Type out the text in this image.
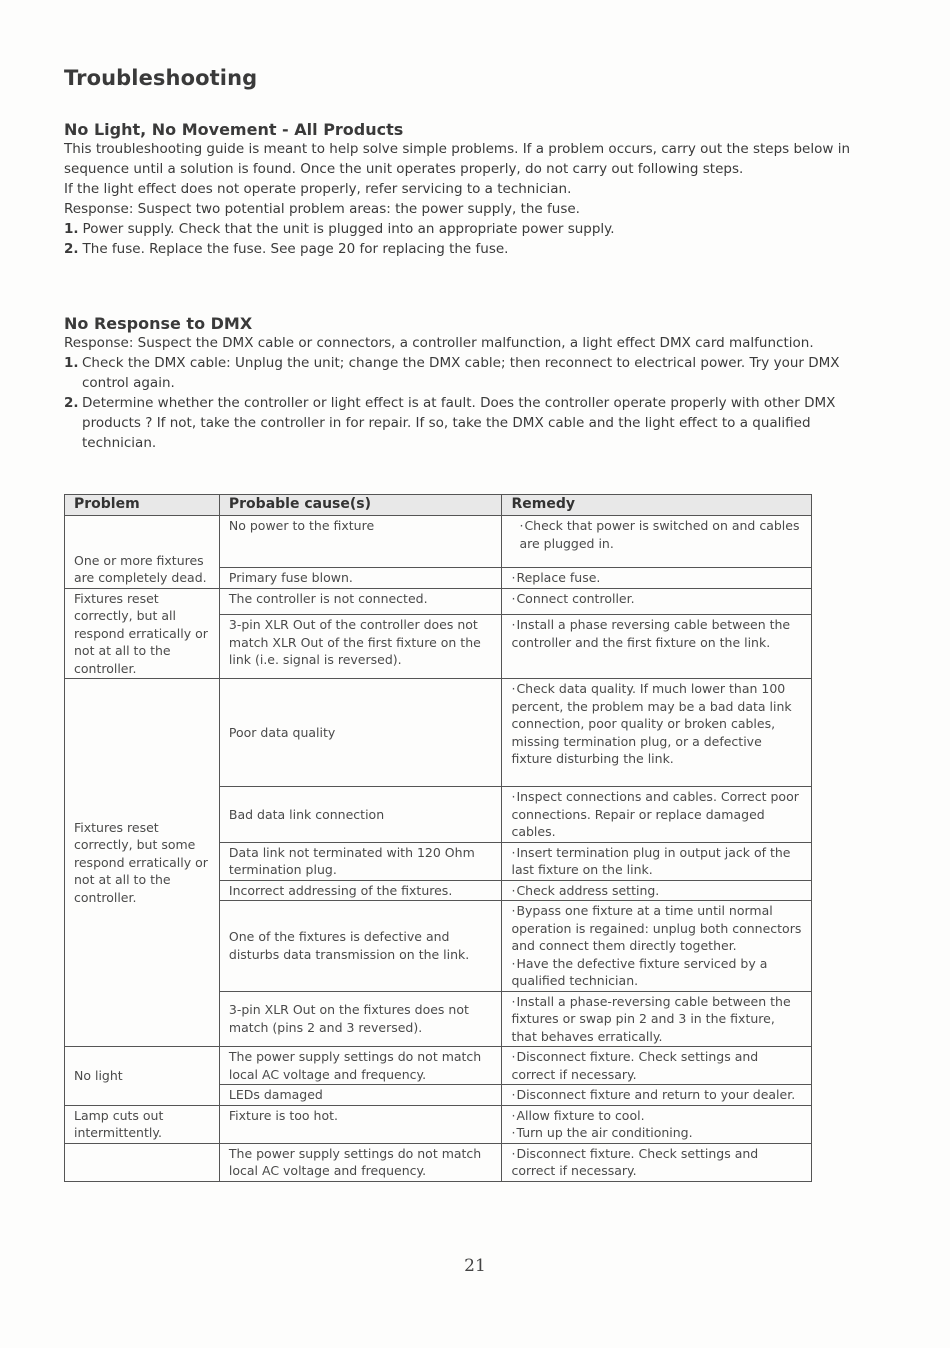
Troubleshooting
No Light, No Movement - All Products

This troubleshooting guide is meant to help solve simple problems. If a problem occurs, carry out the steps below in sequence until a solution is found. Once the unit operates properly, do not carry out following steps.

If the light effect does not operate properly, refer servicing to a technician.

Response: Suspect two potential problem areas: the power supply, the fuse.

1. Power supply. Check that the unit is plugged into an appropriate power supply.

2. The fuse. Replace the fuse. See page 20 for replacing the fuse.

No Response to DMX

Response: Suspect the DMX cable or connectors, a controller malfunction, a light effect DMX card malfunction.

1. Check the DMX cable: Unplug the unit; change the DMX cable; then reconnect to electrical power. Try your DMX control again.

2. Determine whether the controller or light effect is at fault. Does the controller operate properly with other DMX products ? If not, take the controller in for repair. If so, take the DMX cable and the light effect to a qualified technician.

Problem	Probable cause(s)	Remedy
One or more fixtures are completely dead.	No power to the fixture	· Check that power is switched on and cables are plugged in.

	Primary fuse blown.	· Replace fuse.

Fixtures reset correctly, but all respond erratically or not at all to the controller.	The controller is not connected.	· Connect controller.

	3-pin XLR Out of the controller does not match XLR Out of the first fixture on the link (i.e. signal is reversed).	· Install a phase reversing cable between the controller and the first fixture on the link.

Fixtures reset correctly, but some respond erratically or not at all to the controller.	Poor data quality	· Check data quality. If much lower than 100 percent, the problem may be a bad data link connection, poor quality or broken cables, missing termination plug, or a defective fixture disturbing the link.

	Bad data link connection	· Inspect connections and cables. Correct poor connections. Repair or replace damaged cables.

	Data link not terminated with 120 Ohm termination plug.	· Insert termination plug in output jack of the last fixture on the link.

	Incorrect addressing of the fixtures.	· Check address setting.

	One of the fixtures is defective and disturbs data transmission on the link.	· Bypass one fixture at a time until normal operation is regained: unplug both connectors and connect them directly together.
· Have the defective fixture serviced by a qualified technician.

	3-pin XLR Out on the fixtures does not match (pins 2 and 3 reversed).	· Install a phase-reversing cable between the fixtures or swap pin 2 and 3 in the fixture, that behaves erratically.

No light	The power supply settings do not match local AC voltage and frequency.	· Disconnect fixture. Check settings and correct if necessary.

	LEDs damaged	· Disconnect fixture and return to your dealer.

Lamp cuts out intermittently.	Fixture is too hot.	· Allow fixture to cool.
· Turn up the air conditioning.

	The power supply settings do not match local AC voltage and frequency.	· Disconnect fixture. Check settings and correct if necessary.
21
